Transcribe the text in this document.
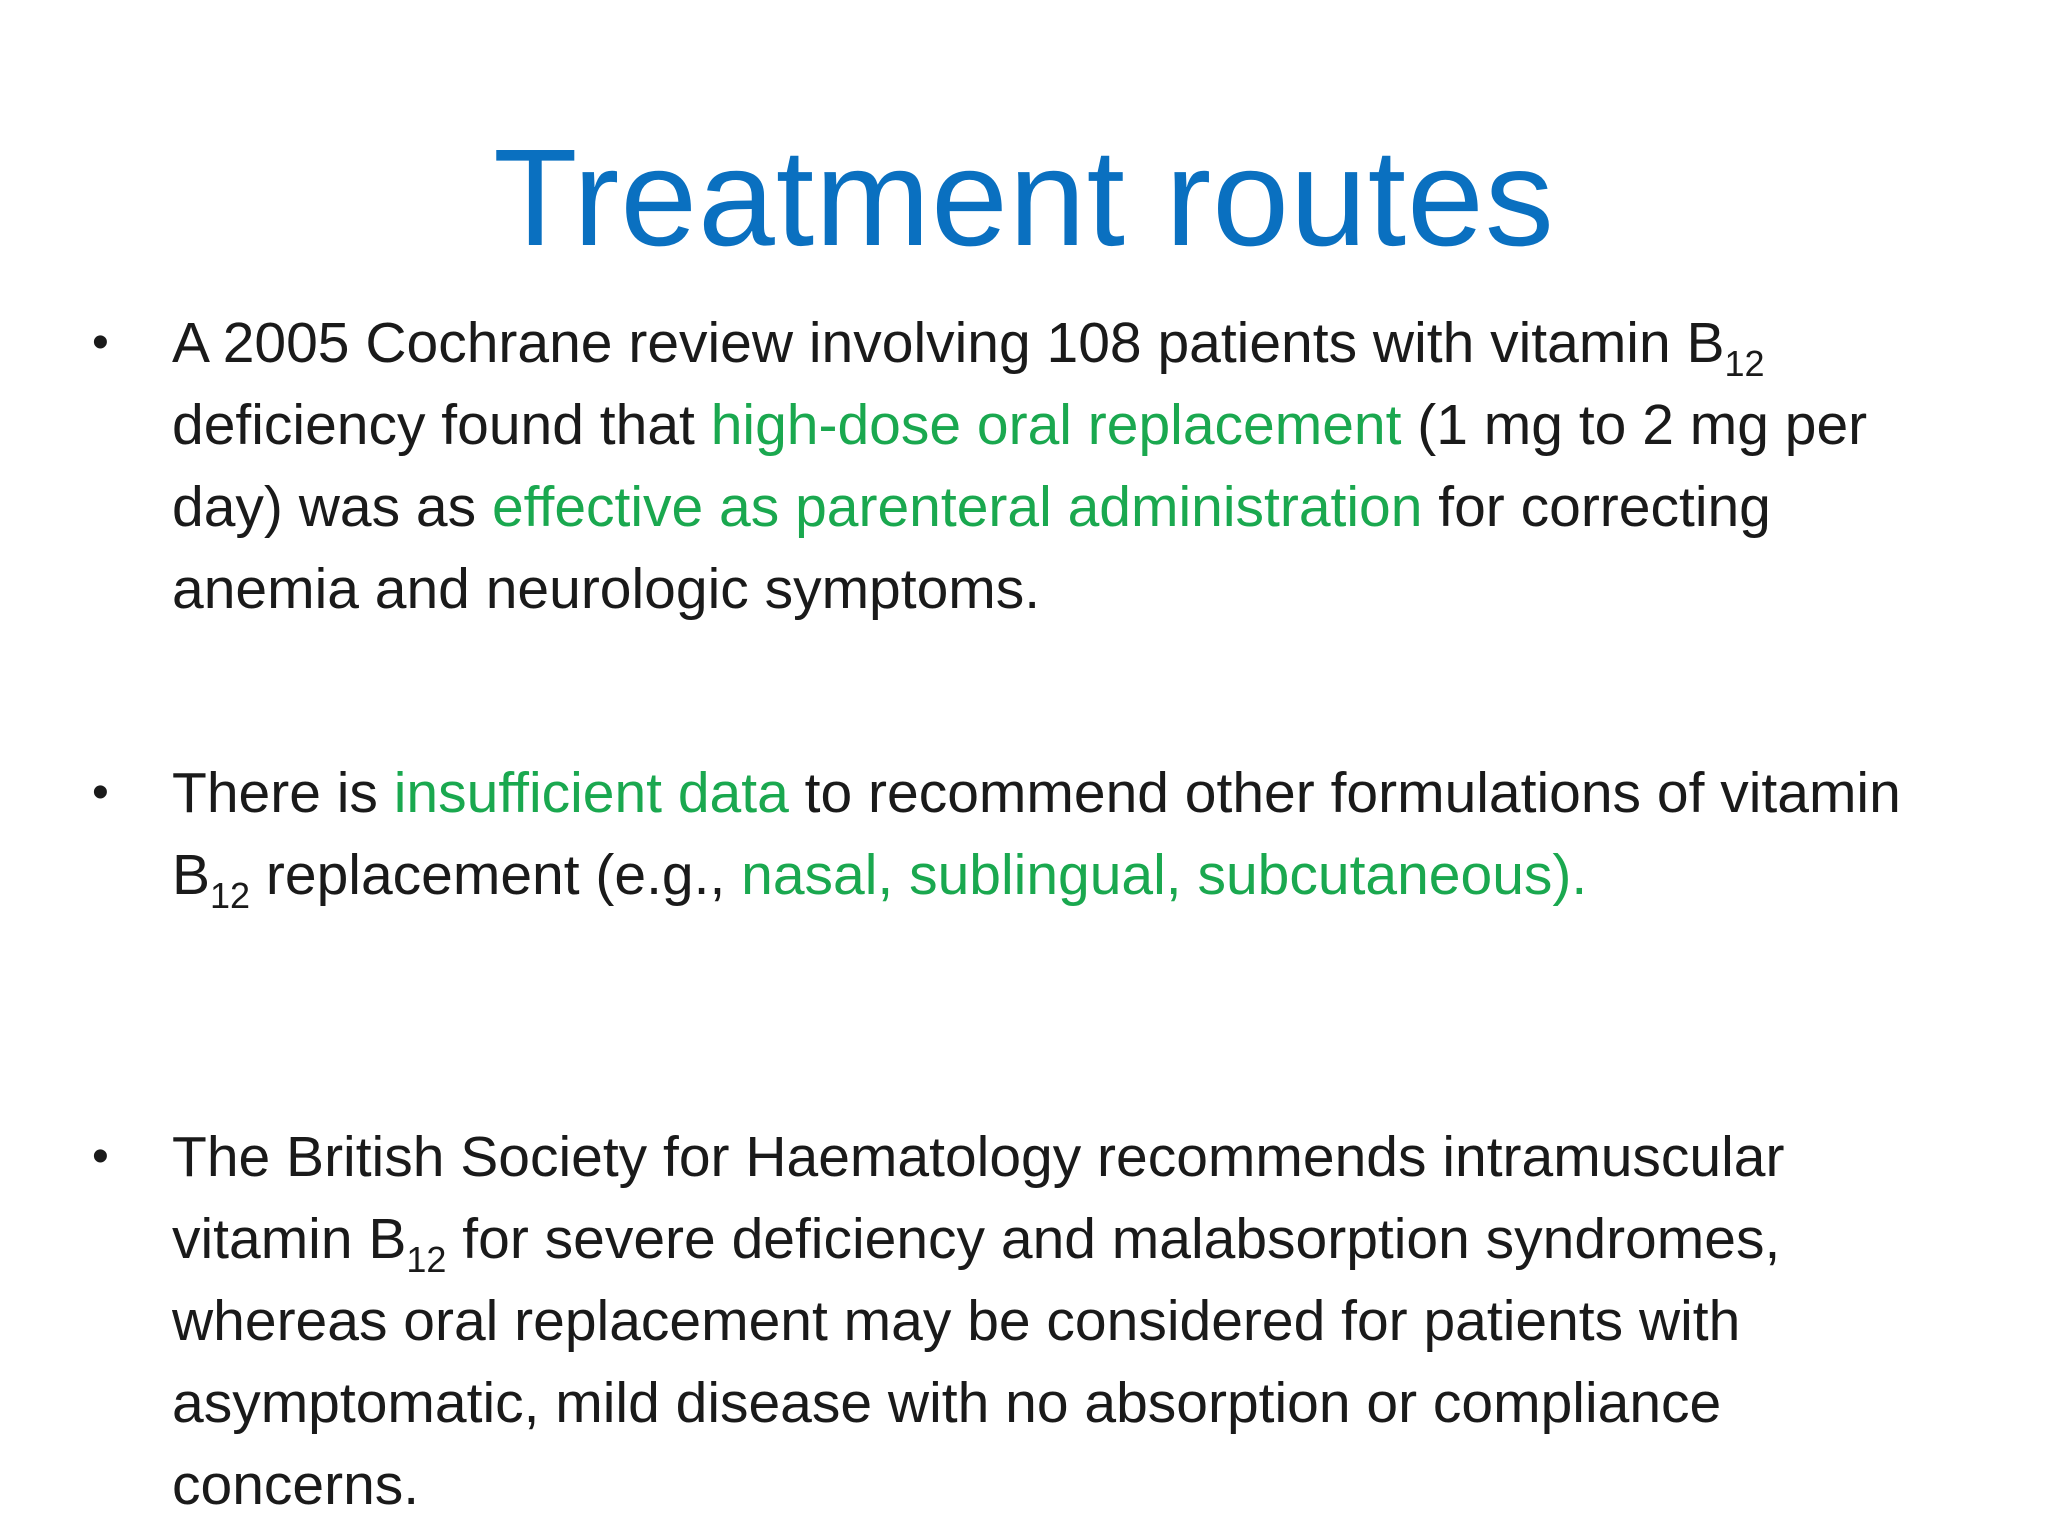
Treatment routes
• A 2005 Cochrane review involving 108 patients with vitamin $B_{12}$ deficiency found that high-dose oral replacement (1 mg to 2 mg per day) was as effective as parenteral administration for correcting anemia and neurologic symptoms.
• There is insufficient data to recommend other formulations of vitamin $B_{12}$ replacement (e.g., nasal, sublingual, subcutaneous).
• The British Society for Haematology recommends intramuscular vitamin $B_{12}$ for severe deficiency and malabsorption syndromes, whereas oral replacement may be considered for patients with asymptomatic, mild disease with no absorption or compliance concerns.
